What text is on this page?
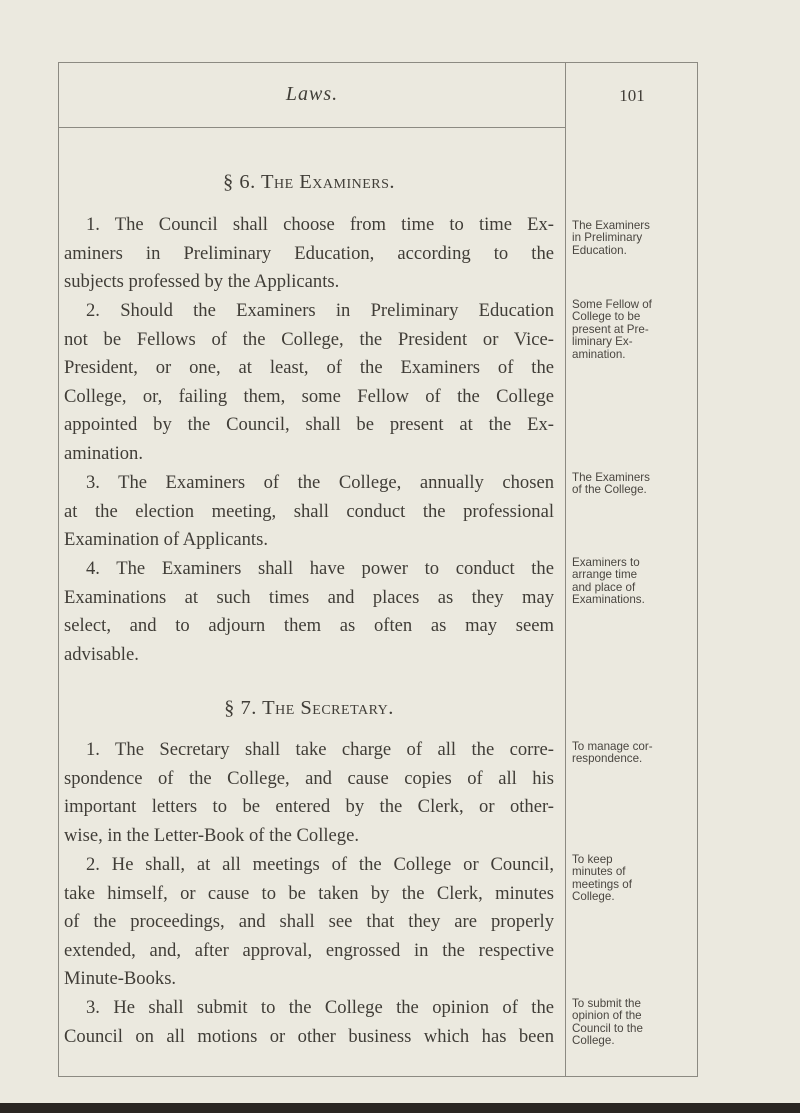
Laws.	101
§ 6. The Examiners.
1. The Council shall choose from time to time Ex-
aminers in Preliminary Education, according to the
subjects professed by the Applicants.
2. Should the Examiners in Preliminary Education
not be Fellows of the College, the President or Vice-
President, or one, at least, of the Examiners of the
College, or, failing them, some Fellow of the College
appointed by the Council, shall be present at the Ex-
amination.
3. The Examiners of the College, annually chosen
at the election meeting, shall conduct the professional
Examination of Applicants.
4. The Examiners shall have power to conduct the
Examinations at such times and places as they may
select, and to adjourn them as often as may seem
advisable.
§ 7. The Secretary.
1. The Secretary shall take charge of all the corre-
spondence of the College, and cause copies of all his
important letters to be entered by the Clerk, or other-
wise, in the Letter-Book of the College.
2. He shall, at all meetings of the College or Council,
take himself, or cause to be taken by the Clerk, minutes
of the proceedings, and shall see that they are properly
extended, and, after approval, engrossed in the respective
Minute-Books.
3. He shall submit to the College the opinion of the
Council on all motions or other business which has been
The Examiners
in Preliminary
Education.
Some Fellow of
College to be
present at Pre-
liminary Ex-
amination.
The Examiners
of the College.
Examiners to
arrange time
and place of
Examinations.
To manage cor-
respondence.
To keep
minutes of
meetings of
College.
To submit the
opinion of the
Council to the
College.
